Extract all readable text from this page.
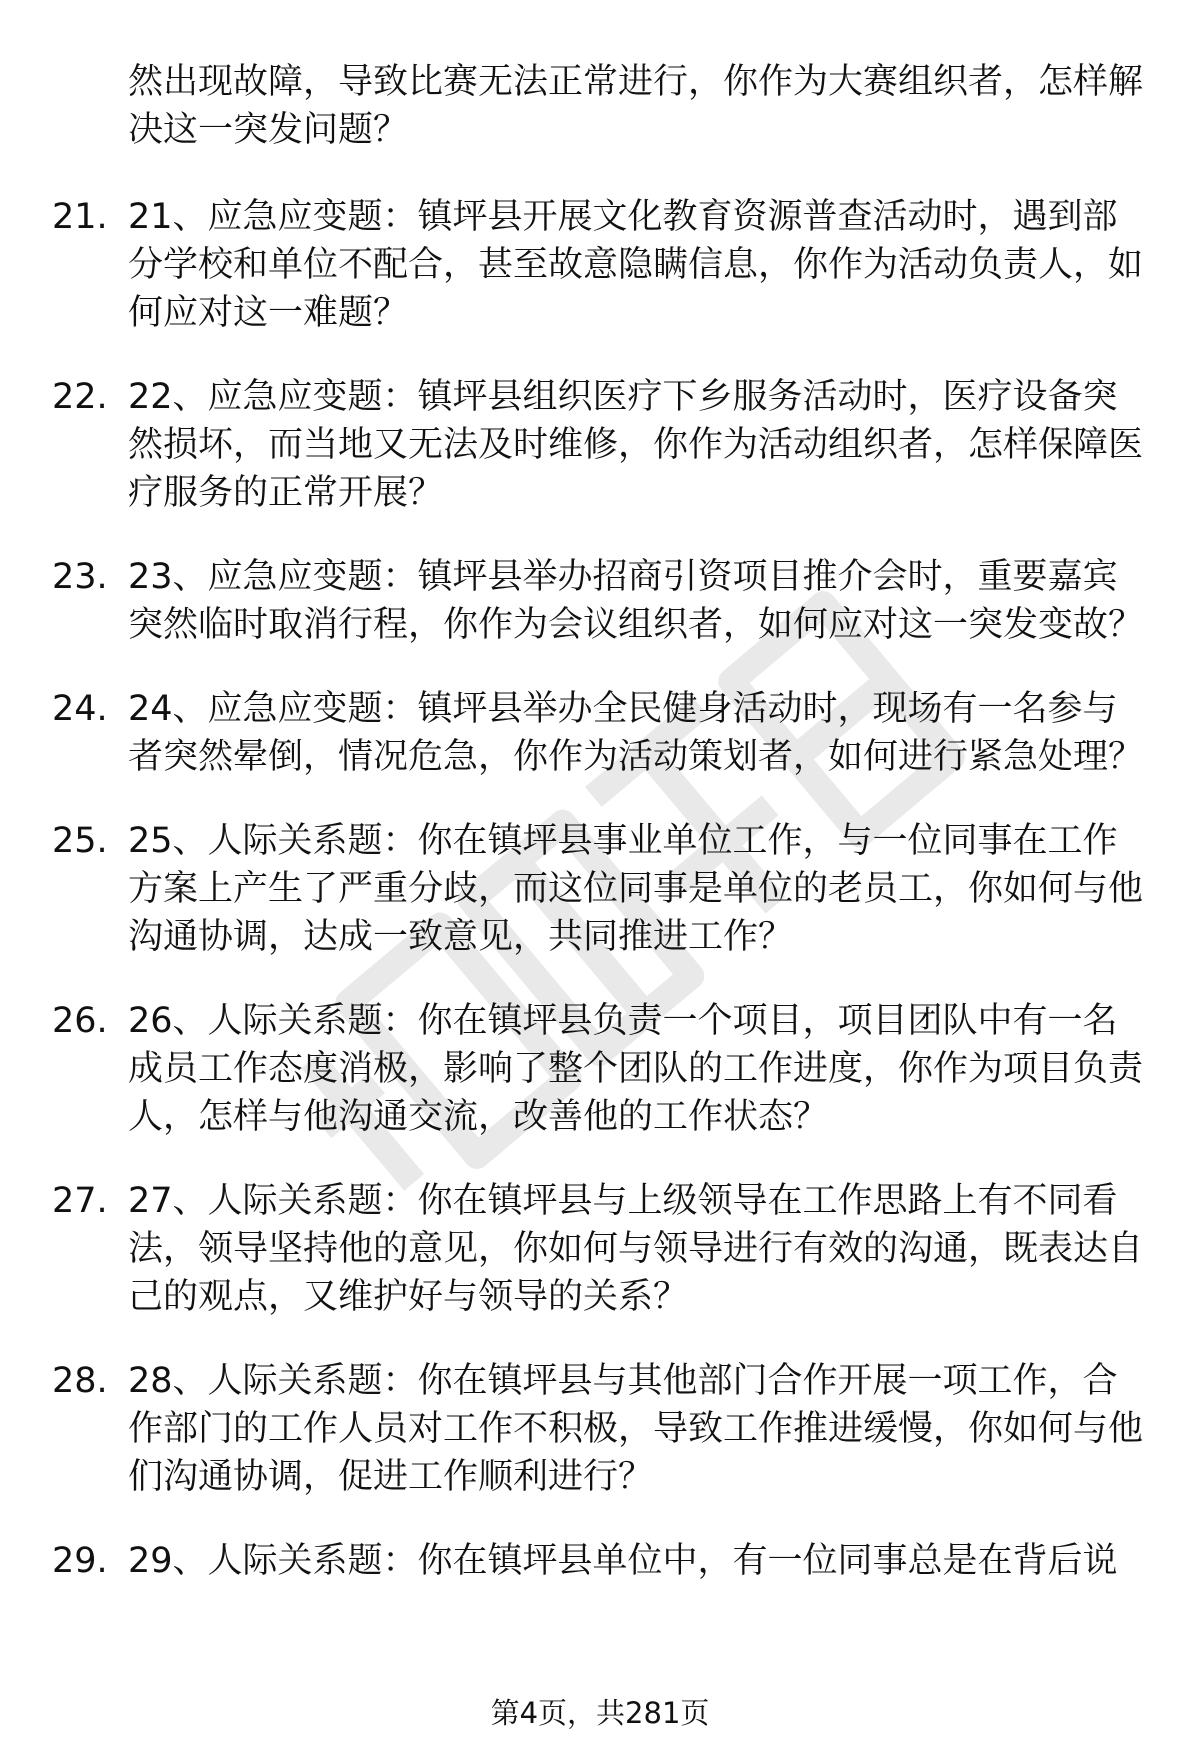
然出现故障，导致比赛无法正常进行，你作为大赛组织者，怎样解决这一突发问题？
21. 21、应急应变题：镇坪县开展文化教育资源普查活动时，遇到部分学校和单位不配合，甚至故意隐瞒信息，你作为活动负责人，如何应对这一难题？
22. 22、应急应变题：镇坪县组织医疗下乡服务活动时，医疗设备突然损坏，而当地又无法及时维修，你作为活动组织者，怎样保障医疗服务的正常开展？
23. 23、应急应变题：镇坪县举办招商引资项目推介会时，重要嘉宾突然临时取消行程，你作为会议组织者，如何应对这一突发变故？
24. 24、应急应变题：镇坪县举办全民健身活动时，现场有一名参与者突然晕倒，情况危急，你作为活动策划者，如何进行紧急处理？
25. 25、人际关系题：你在镇坪县事业单位工作，与一位同事在工作方案上产生了严重分歧，而这位同事是单位的老员工，你如何与他沟通协调，达成一致意见，共同推进工作？
26. 26、人际关系题：你在镇坪县负责一个项目，项目团队中有一名成员工作态度消极，影响了整个团队的工作进度，你作为项目负责人，怎样与他沟通交流，改善他的工作状态？
27. 27、人际关系题：你在镇坪县与上级领导在工作思路上有不同看法，领导坚持他的意见，你如何与领导进行有效的沟通，既表达自己的观点，又维护好与领导的关系？
28. 28、人际关系题：你在镇坪县与其他部门合作开展一项工作，合作部门的工作人员对工作不积极，导致工作推进缓慢，你如何与他们沟通协调，促进工作顺利进行？
29. 29、人际关系题：你在镇坪县单位中，有一位同事总是在背后说
第4页，共281页
